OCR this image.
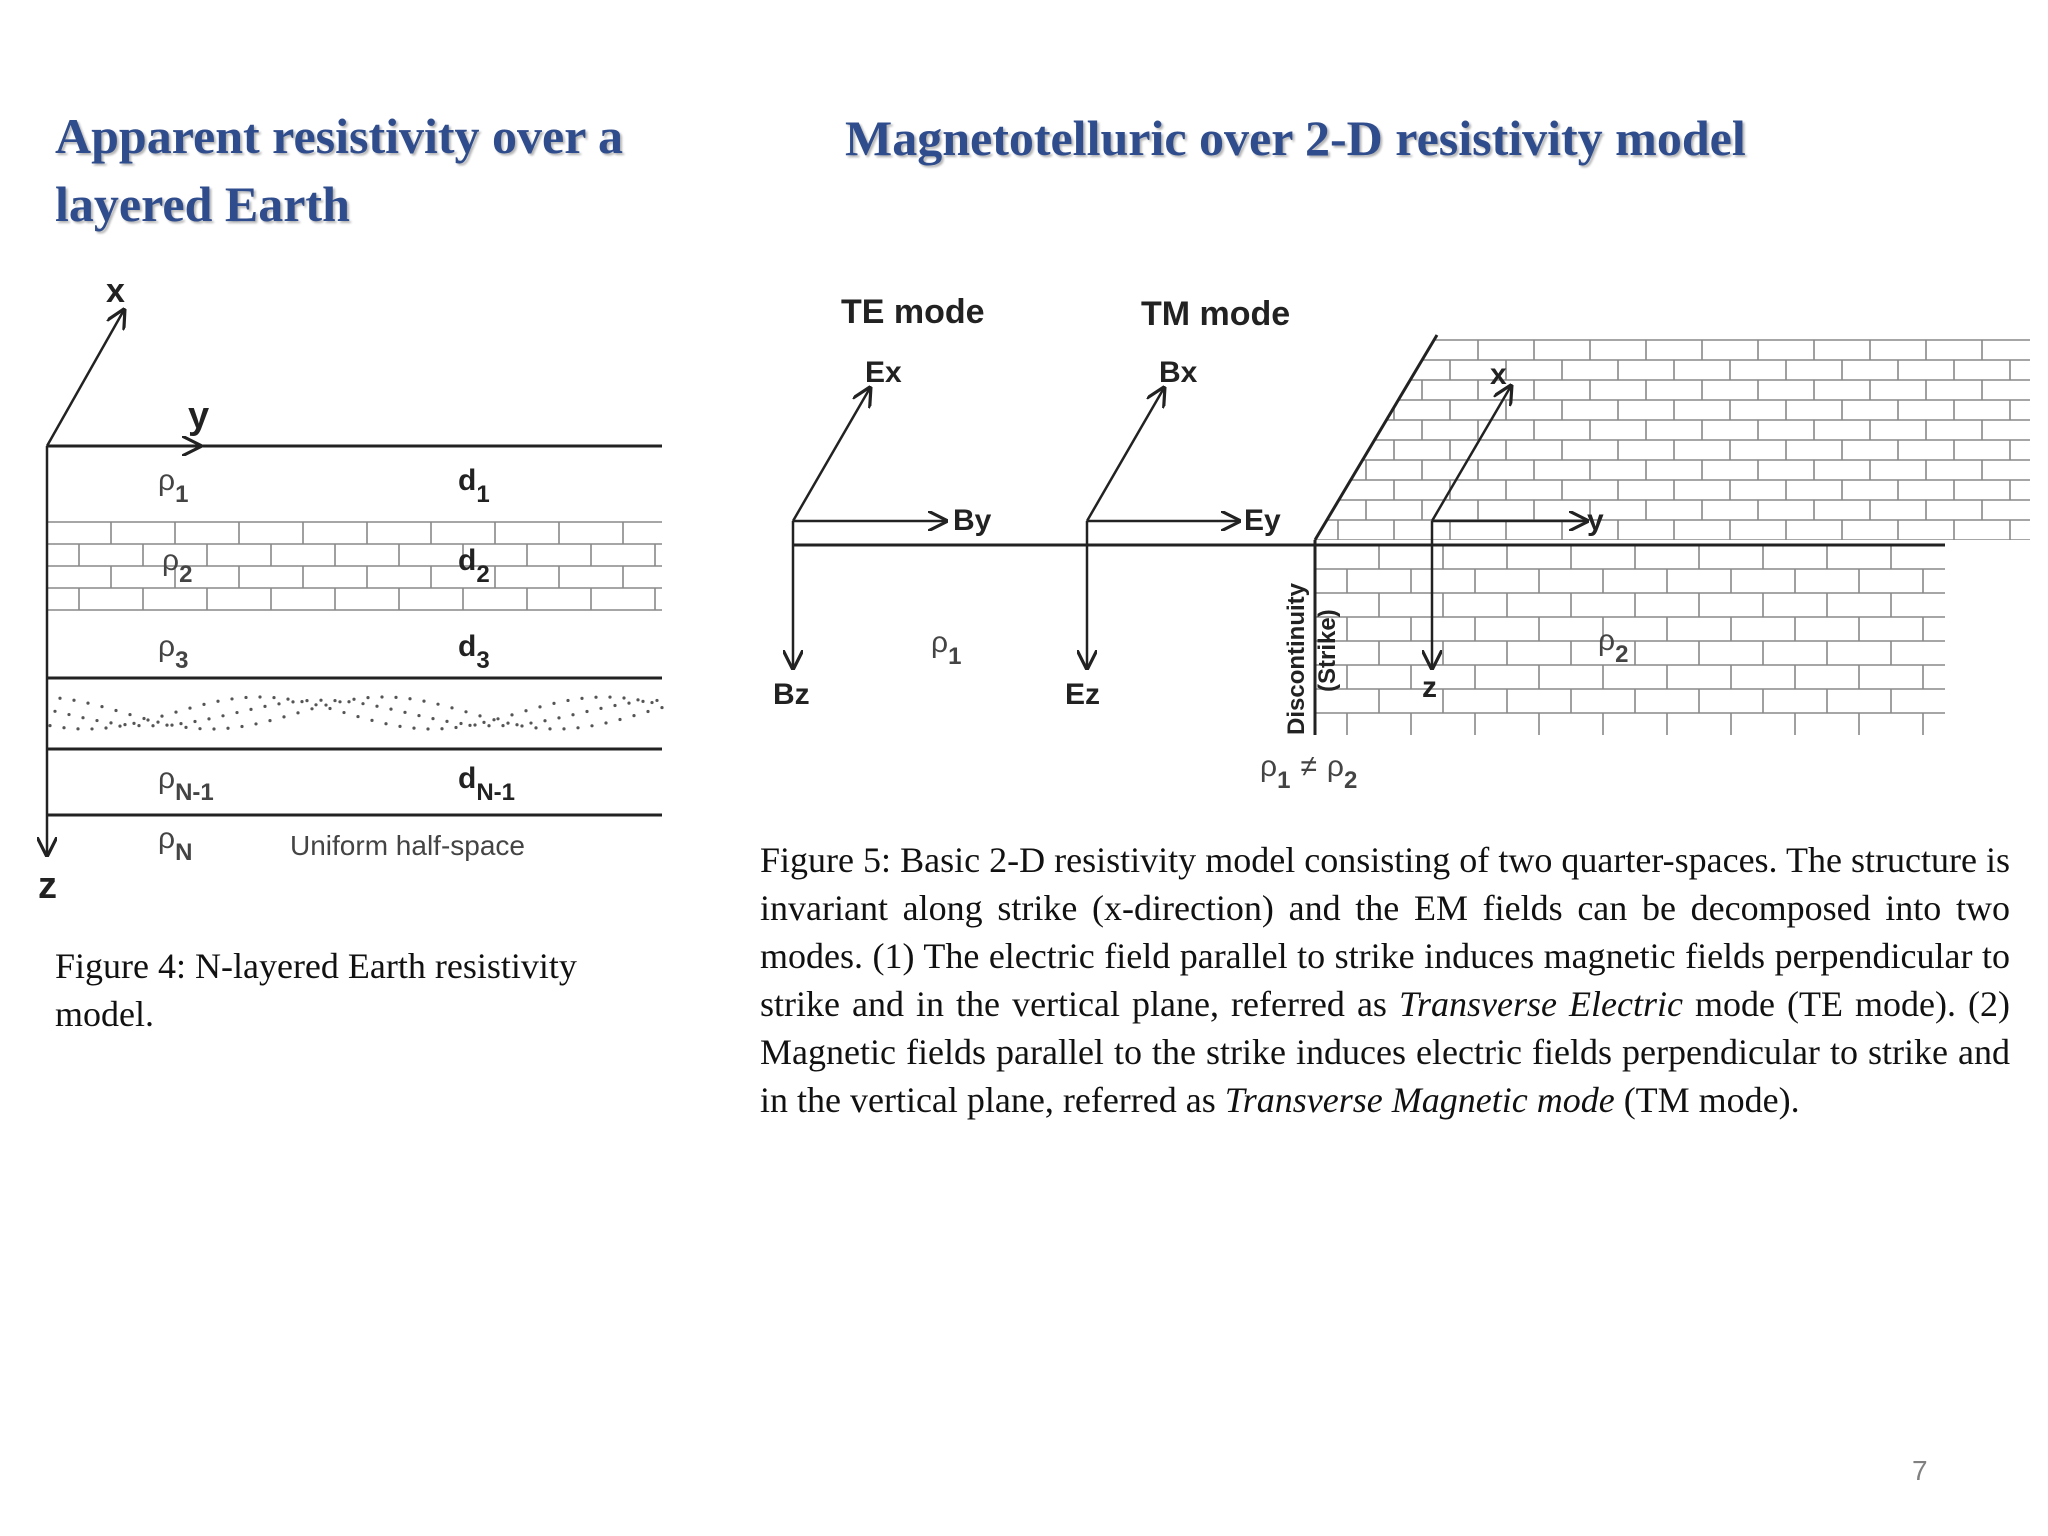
Apparent resistivity over a layered Earth
Magnetotelluric over 2-D resistivity model
x
y
z
$\rho_1$	$d_1$
$\rho_2$	$d_2$
$\rho_3$	$d_3$
$\rho_{N-1}$	$d_{N-1}$
$\rho_N$	Uniform half-space

Figure 4: N-layered Earth resistivity model.

TE mode	TM mode
Ex
By
Bz
Bx
Ey
Ez
$\rho_1$	$\rho_2$
$\rho_1 \ne \rho_2$
x
y
z
Discontinuity (Strike)

Figure 5: Basic 2-D resistivity model consisting of two quarter-spaces. The structure is invariant along strike (x-direction) and the EM fields can be decomposed into two modes. (1) The electric field parallel to strike induces magnetic fields perpendicular to strike and in the vertical plane, referred as Transverse Electric mode (TE mode). (2) Magnetic fields parallel to the strike induces electric fields perpendicular to strike and in the vertical plane, referred as Transverse Magnetic mode (TM mode).

7
